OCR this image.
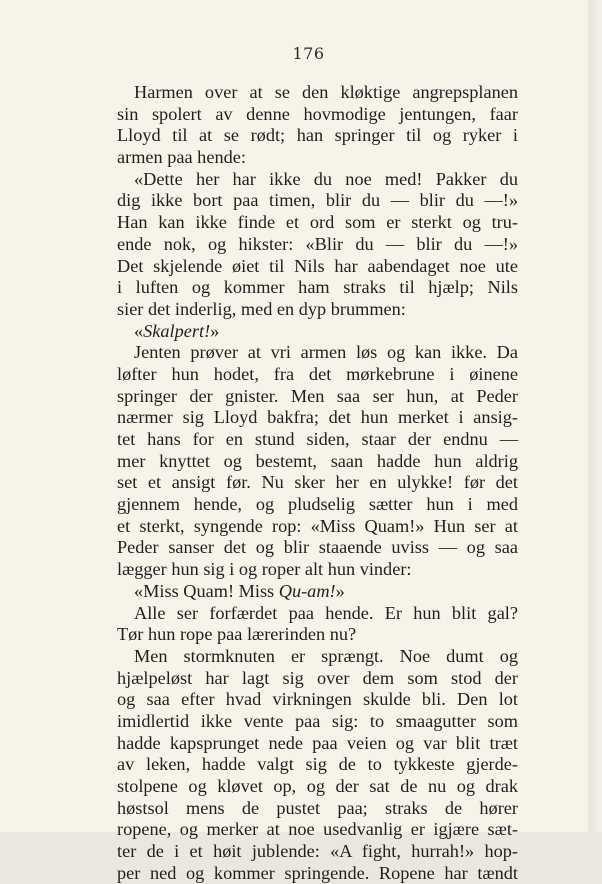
176
Harmen over at se den kløktige angrepsplanen
sin spolert av denne hovmodige jentungen, faar
Lloyd til at se rødt; han springer til og ryker i
armen paa hende:
«Dette her har ikke du noe med! Pakker du
dig ikke bort paa timen, blir du — blir du —!»
Han kan ikke finde et ord som er sterkt og tru-
ende nok, og hikster: «Blir du — blir du —!»
Det skjelende øiet til Nils har aabendaget noe ute
i luften og kommer ham straks til hjælp; Nils
sier det inderlig, med en dyp brummen:
«Skalpert!»
Jenten prøver at vri armen løs og kan ikke. Da
løfter hun hodet, fra det mørkebrune i øinene
springer der gnister. Men saa ser hun, at Peder
nærmer sig Lloyd bakfra; det hun merket i ansig-
tet hans for en stund siden, staar der endnu —
mer knyttet og bestemt, saan hadde hun aldrig
set et ansigt før. Nu sker her en ulykke! før det
gjennem hende, og pludselig sætter hun i med
et sterkt, syngende rop: «Miss Quam!» Hun ser at
Peder sanser det og blir staaende uviss — og saa
lægger hun sig i og roper alt hun vinder:
«Miss Quam! Miss Qu-am!»
Alle ser forfærdet paa hende. Er hun blit gal?
Tør hun rope paa lærerinden nu?
Men stormknuten er sprængt. Noe dumt og
hjælpeløst har lagt sig over dem som stod der
og saa efter hvad virkningen skulde bli. Den lot
imidlertid ikke vente paa sig: to smaagutter som
hadde kapsprunget nede paa veien og var blit træt
av leken, hadde valgt sig de to tykkeste gjerde-
stolpene og kløvet op, og der sat de nu og drak
høstsol mens de pustet paa; straks de hører
ropene, og merker at noe usedvanlig er igjære sæt-
ter de i et høit jublende: «A fight, hurrah!» hop-
per ned og kommer springende. Ropene har tændt
